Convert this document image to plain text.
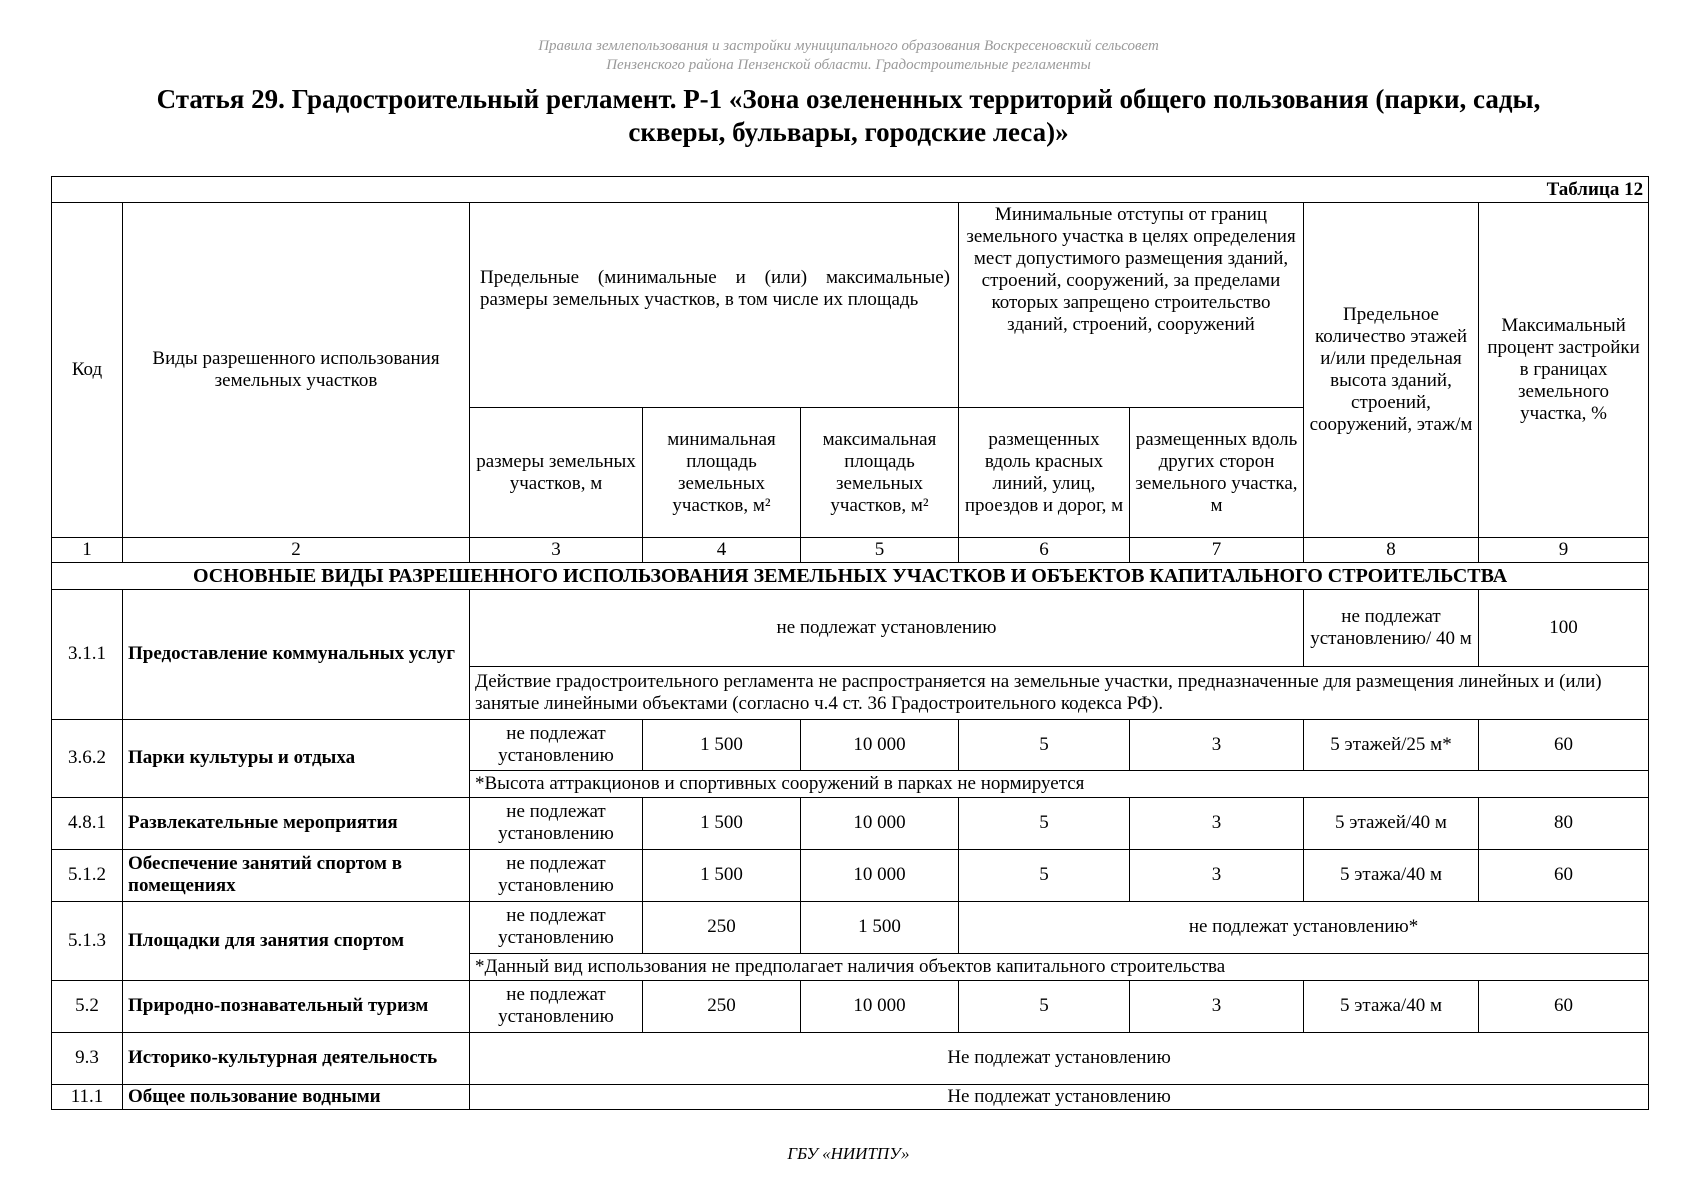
Правила землепользования и застройки муниципального образования Воскресеновский сельсовет
Пензенского района Пензенской области. Градостроительные регламенты
Статья 29. Градостроительный регламент. Р-1 «Зона озелененных территорий общего пользования (парки, сады,
скверы, бульвары, городские леса)»
Таблица 12								
Код	Виды разрешенного использования земельных участков	Предельные (минимальные и (или) максимальные) размеры земельных участков, в том числе их площадь			Минимальные отступы от границ земельного участка в целях определения мест допустимого размещения зданий, строений, сооружений, за пределами которых запрещено строительство зданий, строений, сооружений		Предельное количество этажей и/или предельная высота зданий, строений, сооружений, этаж/м	Максимальный процент застройки в границах земельного участка, %
		размеры земельных участков, м	минимальная площадь земельных участков, м²	максимальная площадь земельных участков, м²	размещенных вдоль красных линий, улиц, проездов и дорог, м	размещенных вдоль других сторон земельного участка, м		
1	2	3	4	5	6	7	8	9
ОСНОВНЫЕ ВИДЫ РАЗРЕШЕННОГО ИСПОЛЬЗОВАНИЯ ЗЕМЕЛЬНЫХ УЧАСТКОВ И ОБЪЕКТОВ КАПИТАЛЬНОГО СТРОИТЕЛЬСТВА								
3.1.1	Предоставление коммунальных услуг	не подлежат установлению					не подлежат установлению/ 40 м	100
		Действие градостроительного регламента не распространяется на земельные участки, предназначенные для размещения линейных и (или) занятые линейными объектами (согласно ч.4 ст. 36 Градостроительного кодекса РФ).						
3.6.2	Парки культуры и отдыха	не подлежат установлению	1 500	10 000	5	3	5 этажей/25 м*	60
		*Высота аттракционов и спортивных сооружений в парках не нормируется						
4.8.1	Развлекательные мероприятия	не подлежат установлению	1 500	10 000	5	3	5 этажей/40 м	80
5.1.2	Обеспечение занятий спортом в помещениях	не подлежат установлению	1 500	10 000	5	3	5 этажа/40 м	60
5.1.3	Площадки для занятия спортом	не подлежат установлению	250	1 500	не подлежат установлению*			
		*Данный вид использования не предполагает наличия объектов капитального строительства						
5.2	Природно-познавательный туризм	не подлежат установлению	250	10 000	5	3	5 этажа/40 м	60
9.3	Историко-культурная деятельность	Не подлежат установлению						
11.1	Общее пользование водными	Не подлежат установлению						
ГБУ «НИИТПУ»
